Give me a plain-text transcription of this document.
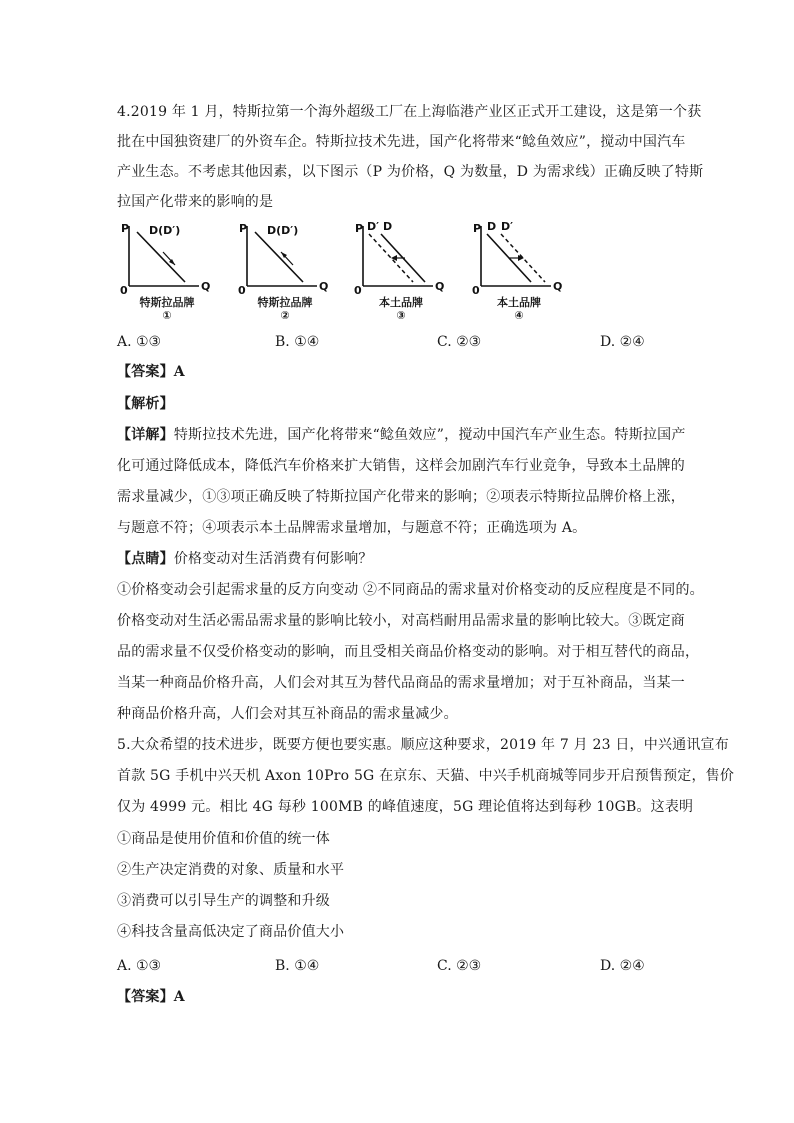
4.2019 年 1 月，特斯拉第一个海外超级工厂在上海临港产业区正式开工建设，这是第一个获
批在中国独资建厂的外资车企。特斯拉技术先进，国产化将带来“鲶鱼效应”，搅动中国汽车
产业生态。不考虑其他因素，以下图示（P 为价格，Q 为数量，D 为需求线）正确反映了特斯
拉国产化带来的影响的是
P
Q
0
D(D′)
特斯拉品牌
①
P
Q
0
D(D′)
特斯拉品牌
②
P
Q
0
D′ D
本土品牌
③
P
Q
0
D D′
本土品牌
④
A. ①③	B. ①④	C. ②③	D. ②④
【答案】A
【解析】
【详解】特斯拉技术先进，国产化将带来“鲶鱼效应”，搅动中国汽车产业生态。特斯拉国产
化可通过降低成本，降低汽车价格来扩大销售，这样会加剧汽车行业竞争，导致本土品牌的
需求量减少，①③项正确反映了特斯拉国产化带来的影响；②项表示特斯拉品牌价格上涨，
与题意不符；④项表示本土品牌需求量增加，与题意不符；正确选项为 A。
【点睛】价格变动对生活消费有何影响？
①价格变动会引起需求量的反方向变动 ②不同商品的需求量对价格变动的反应程度是不同的。
价格变动对生活必需品需求量的影响比较小，对高档耐用品需求量的影响比较大。③既定商
品的需求量不仅受价格变动的影响，而且受相关商品价格变动的影响。对于相互替代的商品，
当某一种商品价格升高，人们会对其互为替代品商品的需求量增加；对于互补商品，当某一
种商品价格升高，人们会对其互补商品的需求量减少。
5.大众希望的技术进步，既要方便也要实惠。顺应这种要求，2019 年 7 月 23 日，中兴通讯宣布
首款 5G 手机中兴天机 Axon 10Pro 5G 在京东、天猫、中兴手机商城等同步开启预售预定，售价
仅为 4999 元。相比 4G 每秒 100MB 的峰值速度，5G 理论值将达到每秒 10GB。这表明
①商品是使用价值和价值的统一体
②生产决定消费的对象、质量和水平
③消费可以引导生产的调整和升级
④科技含量高低决定了商品价值大小
A. ①③	B. ①④	C. ②③	D. ②④
【答案】A
